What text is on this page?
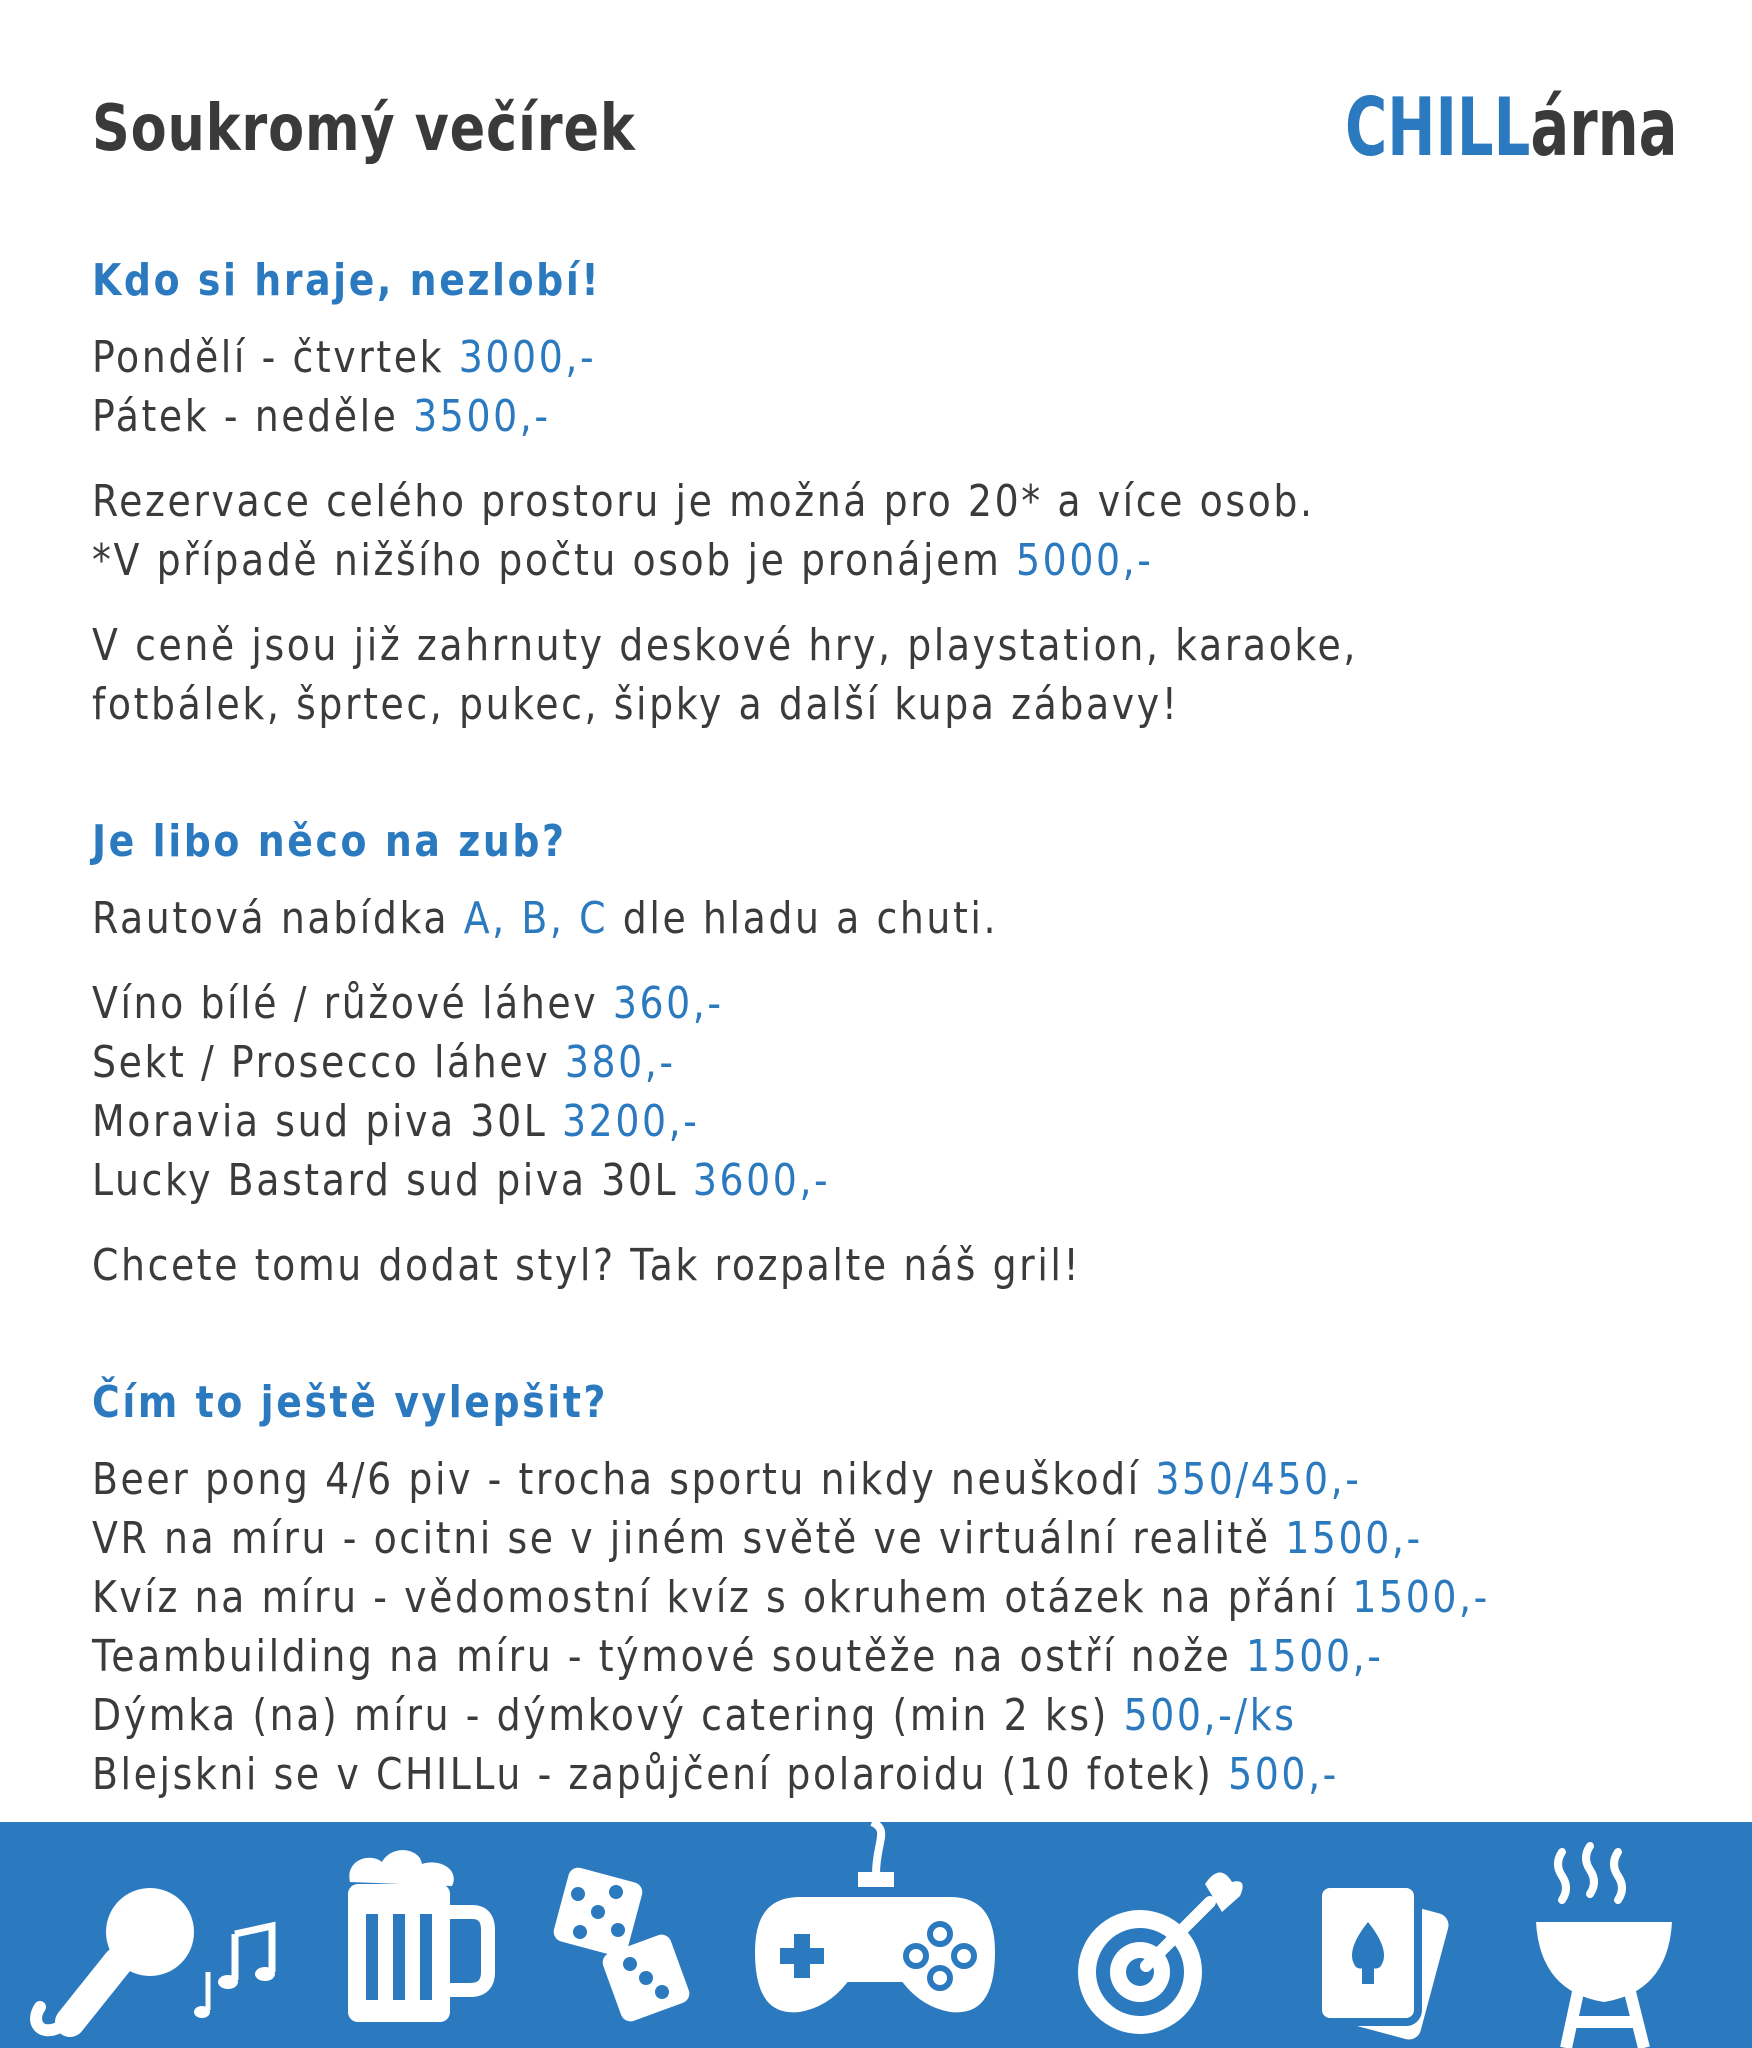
Soukromý večírek	CHILLárna
Kdo si hraje, nezlobí!
Pondělí - čtvrtek 3000,-
Pátek - neděle 3500,-
Rezervace celého prostoru je možná pro 20* a více osob.
*V případě nižšího počtu osob je pronájem 5000,-
V ceně jsou již zahrnuty deskové hry, playstation, karaoke,
fotbálek, šprtec, pukec, šipky a další kupa zábavy!
Je libo něco na zub?
Rautová nabídka A, B, C dle hladu a chuti.
Víno bílé / růžové láhev 360,-
Sekt / Prosecco láhev 380,-
Moravia sud piva 30L 3200,-
Lucky Bastard sud piva 30L 3600,-
Chcete tomu dodat styl? Tak rozpalte náš gril!
Čím to ještě vylepšit?
Beer pong 4/6 piv - trocha sportu nikdy neuškodí 350/450,-
VR na míru - ocitni se v jiném světě ve virtuální realitě 1500,-
Kvíz na míru - vědomostní kvíz s okruhem otázek na přání 1500,-
Teambuilding na míru - týmové soutěže na ostří nože 1500,-
Dýmka (na) míru - dýmkový catering (min 2 ks) 500,-/ks
Blejskni se v CHILLu - zapůjčení polaroidu (10 fotek) 500,-
